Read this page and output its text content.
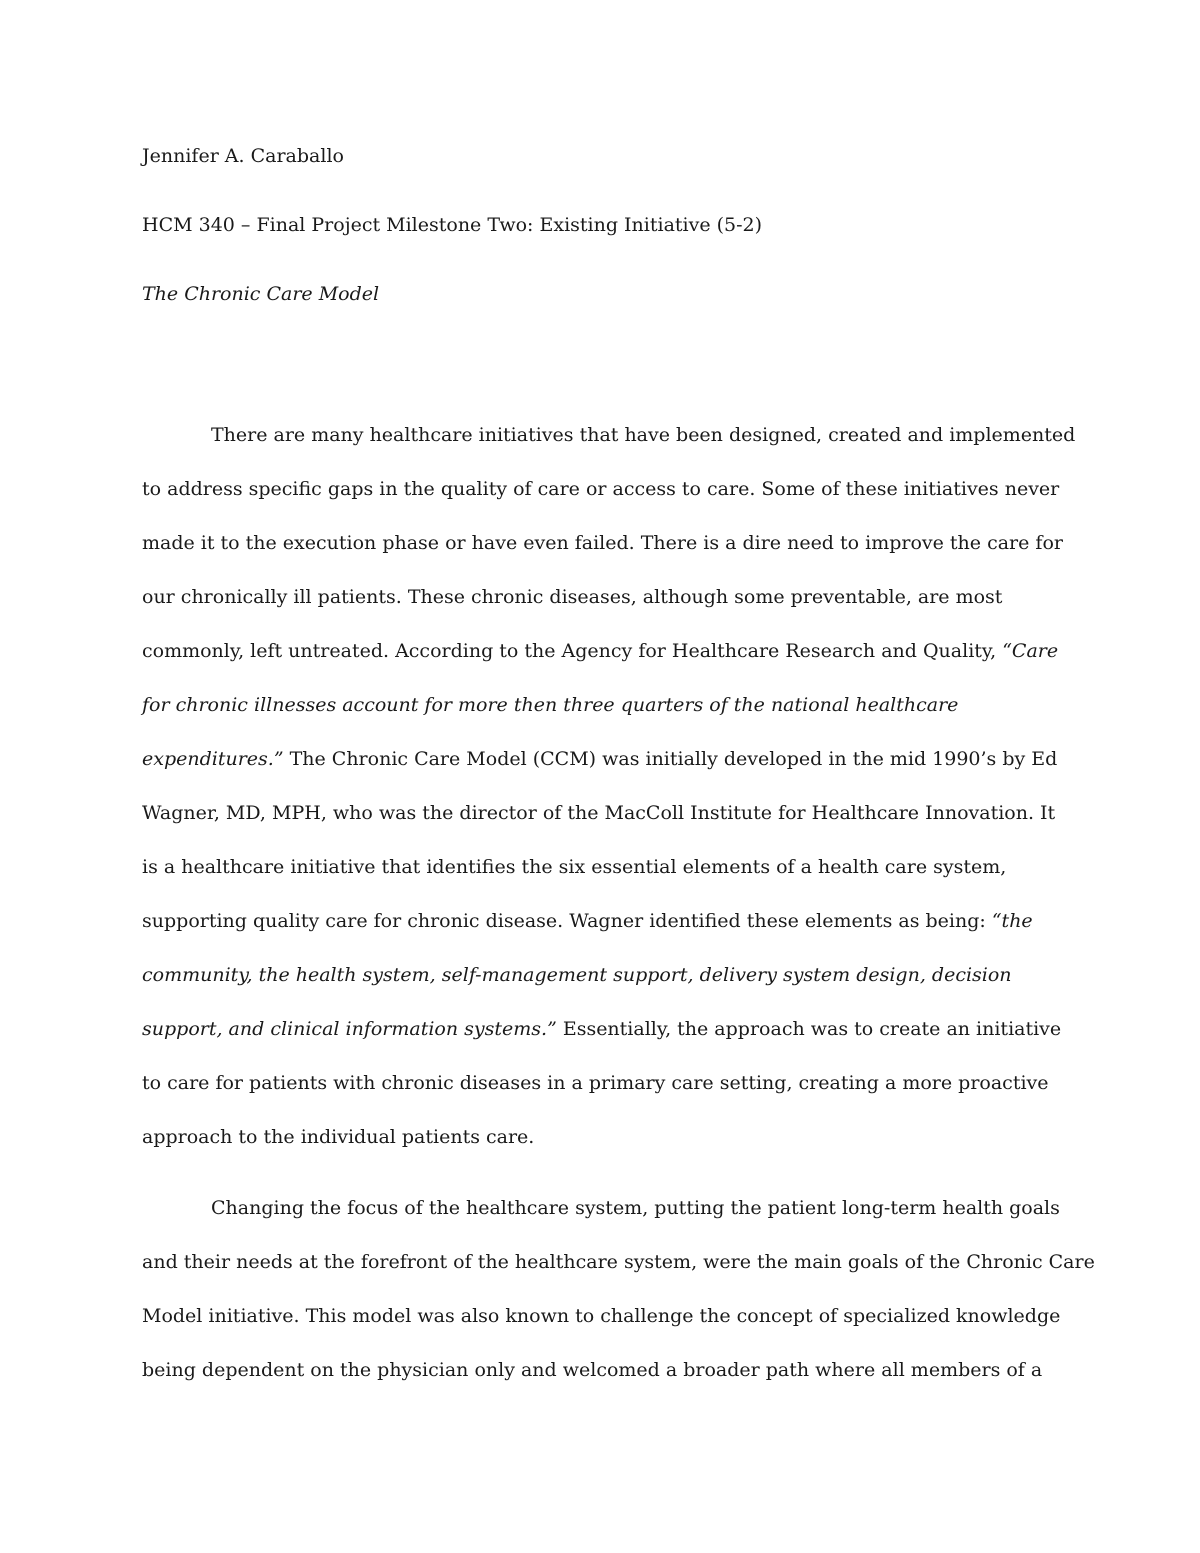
Jennifer A. Caraballo
HCM 340 – Final Project Milestone Two: Existing Initiative (5-2)
The Chronic Care Model
There are many healthcare initiatives that have been designed, created and implemented
to address specific gaps in the quality of care or access to care. Some of these initiatives never
made it to the execution phase or have even failed. There is a dire need to improve the care for
our chronically ill patients. These chronic diseases, although some preventable, are most
commonly, left untreated. According to the Agency for Healthcare Research and Quality, “Care
for chronic illnesses account for more then three quarters of the national healthcare
expenditures.” The Chronic Care Model (CCM) was initially developed in the mid 1990’s by Ed
Wagner, MD, MPH, who was the director of the MacColl Institute for Healthcare Innovation. It
is a healthcare initiative that identifies the six essential elements of a health care system,
supporting quality care for chronic disease. Wagner identified these elements as being: “the
community, the health system, self-management support, delivery system design, decision
support, and clinical information systems.” Essentially, the approach was to create an initiative
to care for patients with chronic diseases in a primary care setting, creating a more proactive
approach to the individual patients care.
Changing the focus of the healthcare system, putting the patient long-term health goals
and their needs at the forefront of the healthcare system, were the main goals of the Chronic Care
Model initiative. This model was also known to challenge the concept of specialized knowledge
being dependent on the physician only and welcomed a broader path where all members of a
